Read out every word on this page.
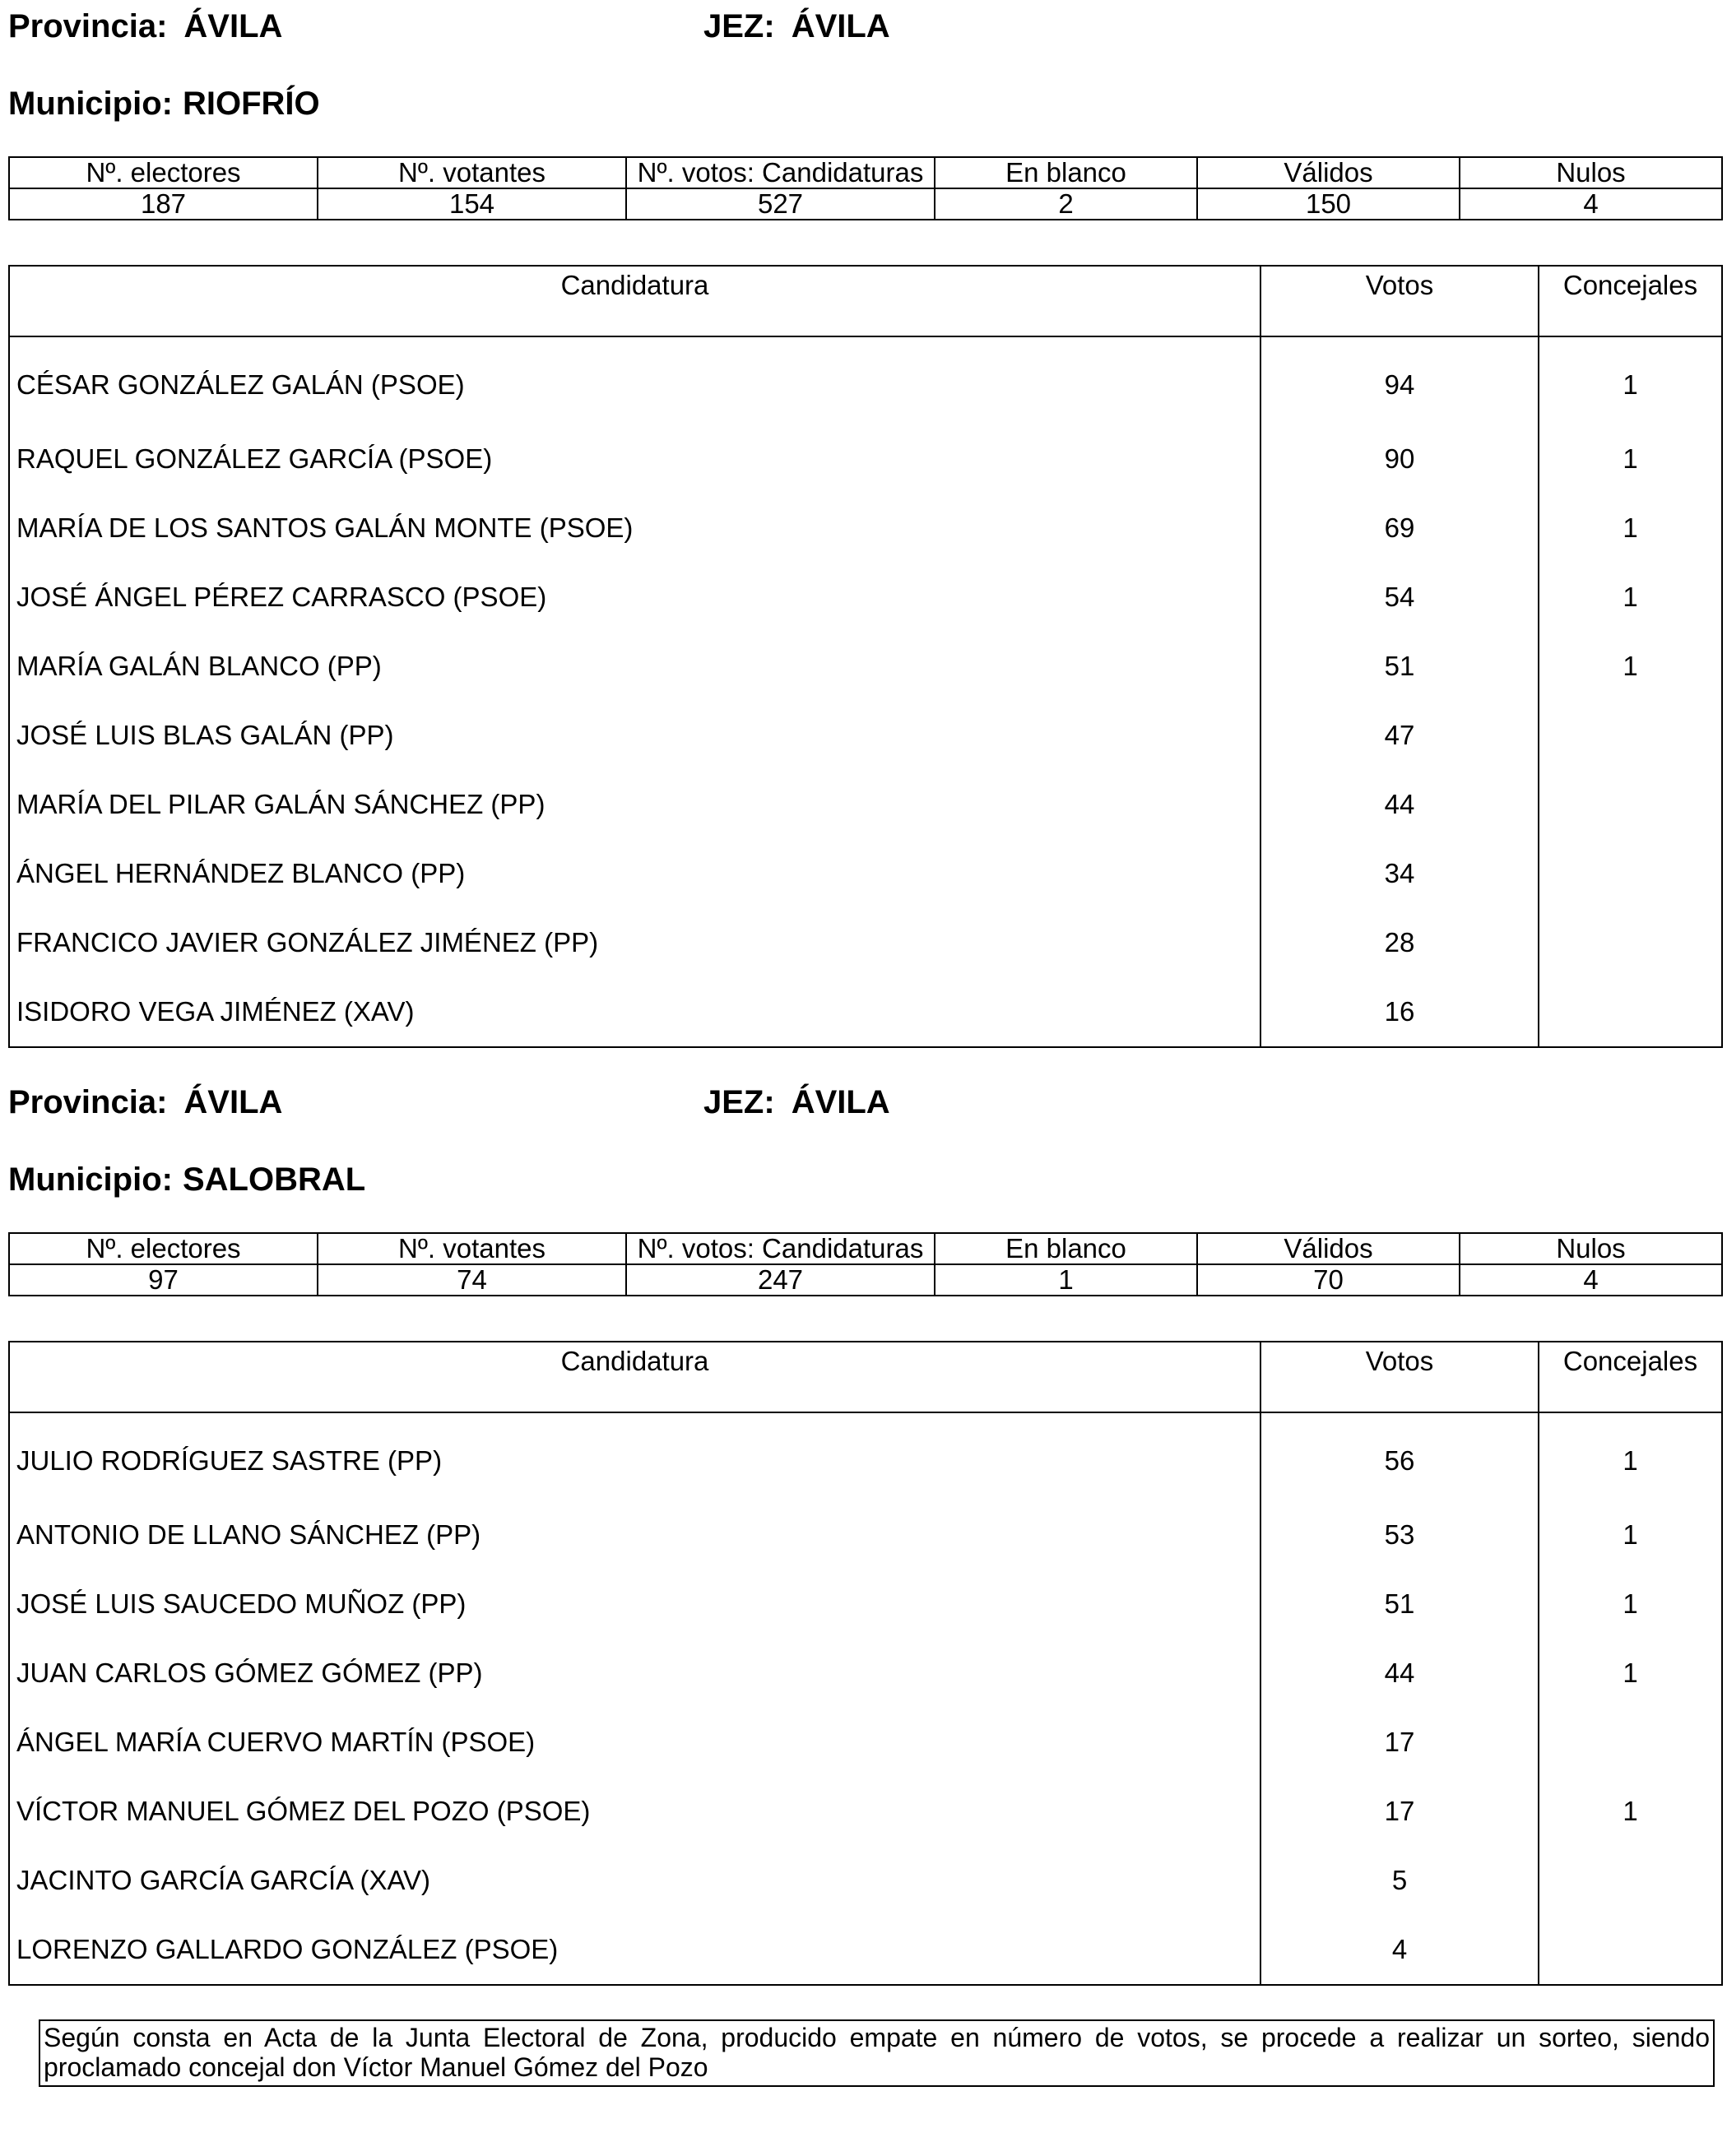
Provincia: ÁVILA	JEZ: ÁVILA
Municipio: RIOFRÍO
Nº. electores	Nº. votantes	Nº. votos: Candidaturas	En blanco	Válidos	Nulos
187	154	527	2	150	4
Candidatura	Votos	Concejales
CÉSAR GONZÁLEZ GALÁN (PSOE)	94	1
RAQUEL GONZÁLEZ GARCÍA (PSOE)	90	1
MARÍA DE LOS SANTOS GALÁN MONTE (PSOE)	69	1
JOSÉ ÁNGEL PÉREZ CARRASCO (PSOE)	54	1
MARÍA GALÁN BLANCO (PP)	51	1
JOSÉ LUIS BLAS GALÁN (PP)	47	
MARÍA DEL PILAR GALÁN SÁNCHEZ (PP)	44	
ÁNGEL HERNÁNDEZ BLANCO (PP)	34	
FRANCICO JAVIER GONZÁLEZ JIMÉNEZ (PP)	28	
ISIDORO VEGA JIMÉNEZ (XAV)	16	
Provincia: ÁVILA	JEZ: ÁVILA
Municipio: SALOBRAL
Nº. electores	Nº. votantes	Nº. votos: Candidaturas	En blanco	Válidos	Nulos
97	74	247	1	70	4
Candidatura	Votos	Concejales
JULIO RODRÍGUEZ SASTRE (PP)	56	1
ANTONIO DE LLANO SÁNCHEZ (PP)	53	1
JOSÉ LUIS SAUCEDO MUÑOZ (PP)	51	1
JUAN CARLOS GÓMEZ GÓMEZ (PP)	44	1
ÁNGEL MARÍA CUERVO MARTÍN (PSOE)	17	
VÍCTOR MANUEL GÓMEZ DEL POZO (PSOE)	17	1
JACINTO GARCÍA GARCÍA (XAV)	5	
LORENZO GALLARDO GONZÁLEZ (PSOE)	4	
Según consta en Acta de la Junta Electoral de Zona, producido empate en número de votos, se procede a realizar un sorteo, siendo proclamado concejal don Víctor Manuel Gómez del Pozo
